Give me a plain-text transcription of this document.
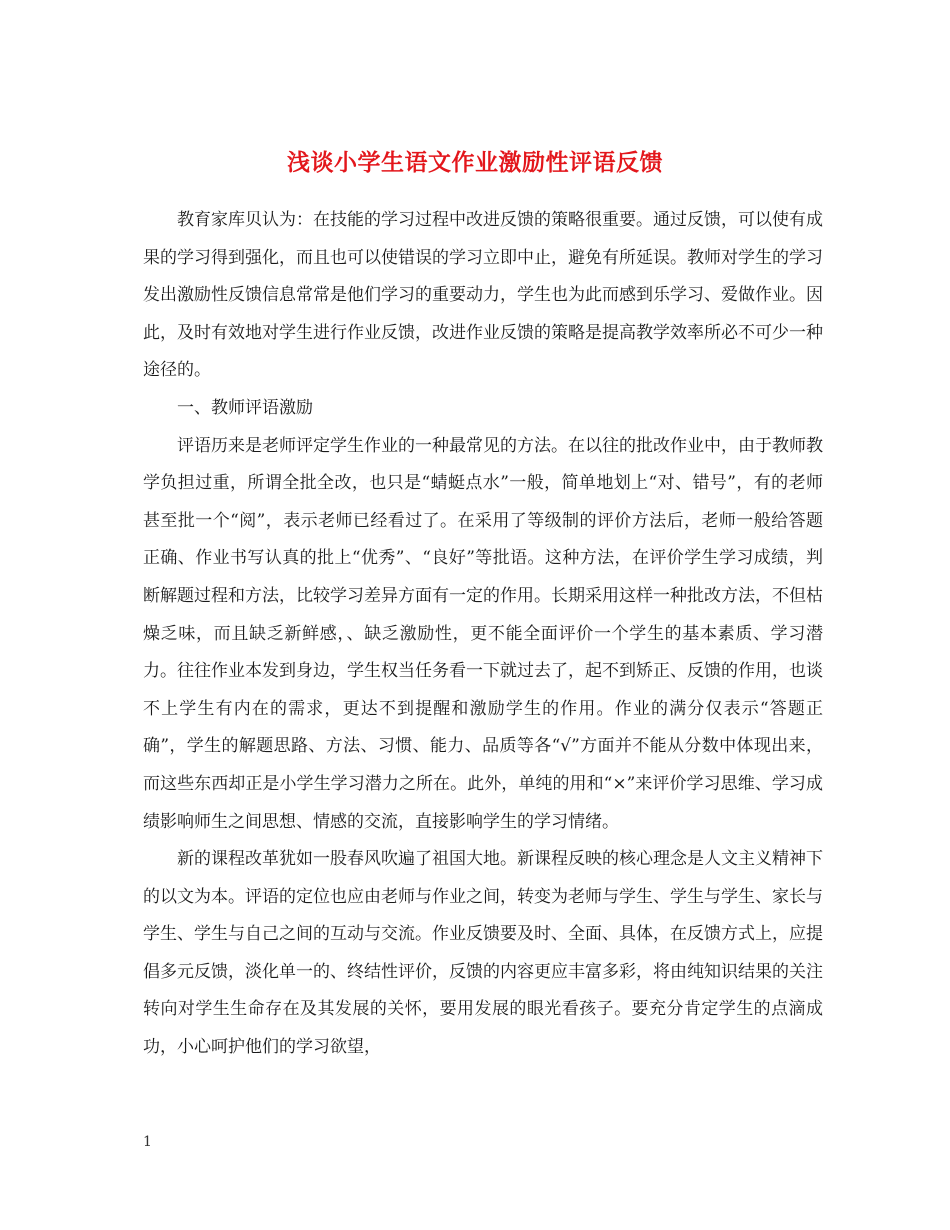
浅谈小学生语文作业激励性评语反馈

教育家库贝认为：在技能的学习过程中改进反馈的策略很重要。通过反馈，可以使有成果的学习得到强化，而且也可以使错误的学习立即中止，避免有所延误。教师对学生的学习发出激励性反馈信息常常是他们学习的重要动力，学生也为此而感到乐学习、爱做作业。因此，及时有效地对学生进行作业反馈，改进作业反馈的策略是提高教学效率所必不可少一种途径的。

一、教师评语激励

评语历来是老师评定学生作业的一种最常见的方法。在以往的批改作业中，由于教师教学负担过重，所谓全批全改，也只是“蜻蜓点水”一般，简单地划上“对、错号”，有的老师甚至批一个“阅”，表示老师已经看过了。在采用了等级制的评价方法后，老师一般给答题正确、作业书写认真的批上“优秀”、“良好”等批语。这种方法，在评价学生学习成绩，判断解题过程和方法，比较学习差异方面有一定的作用。长期采用这样一种批改方法，不但枯燥乏味，而且缺乏新鲜感，、缺乏激励性，更不能全面评价一个学生的基本素质、学习潜力。往往作业本发到身边，学生权当任务看一下就过去了，起不到矫正、反馈的作用，也谈不上学生有内在的需求，更达不到提醒和激励学生的作用。作业的满分仅表示“答题正确”，学生的解题思路、方法、习惯、能力、品质等各“√”方面并不能从分数中体现出来，而这些东西却正是小学生学习潜力之所在。此外，单纯的用和“×”来评价学习思维、学习成绩影响师生之间思想、情感的交流，直接影响学生的学习情绪。

新的课程改革犹如一股春风吹遍了祖国大地。新课程反映的核心理念是人文主义精神下的以文为本。评语的定位也应由老师与作业之间，转变为老师与学生、学生与学生、家长与学生、学生与自己之间的互动与交流。作业反馈要及时、全面、具体，在反馈方式上，应提倡多元反馈，淡化单一的、终结性评价，反馈的内容更应丰富多彩，将由纯知识结果的关注转向对学生生命存在及其发展的关怀，要用发展的眼光看孩子。要充分肯定学生的点滴成功，小心呵护他们的学习欲望，

1
